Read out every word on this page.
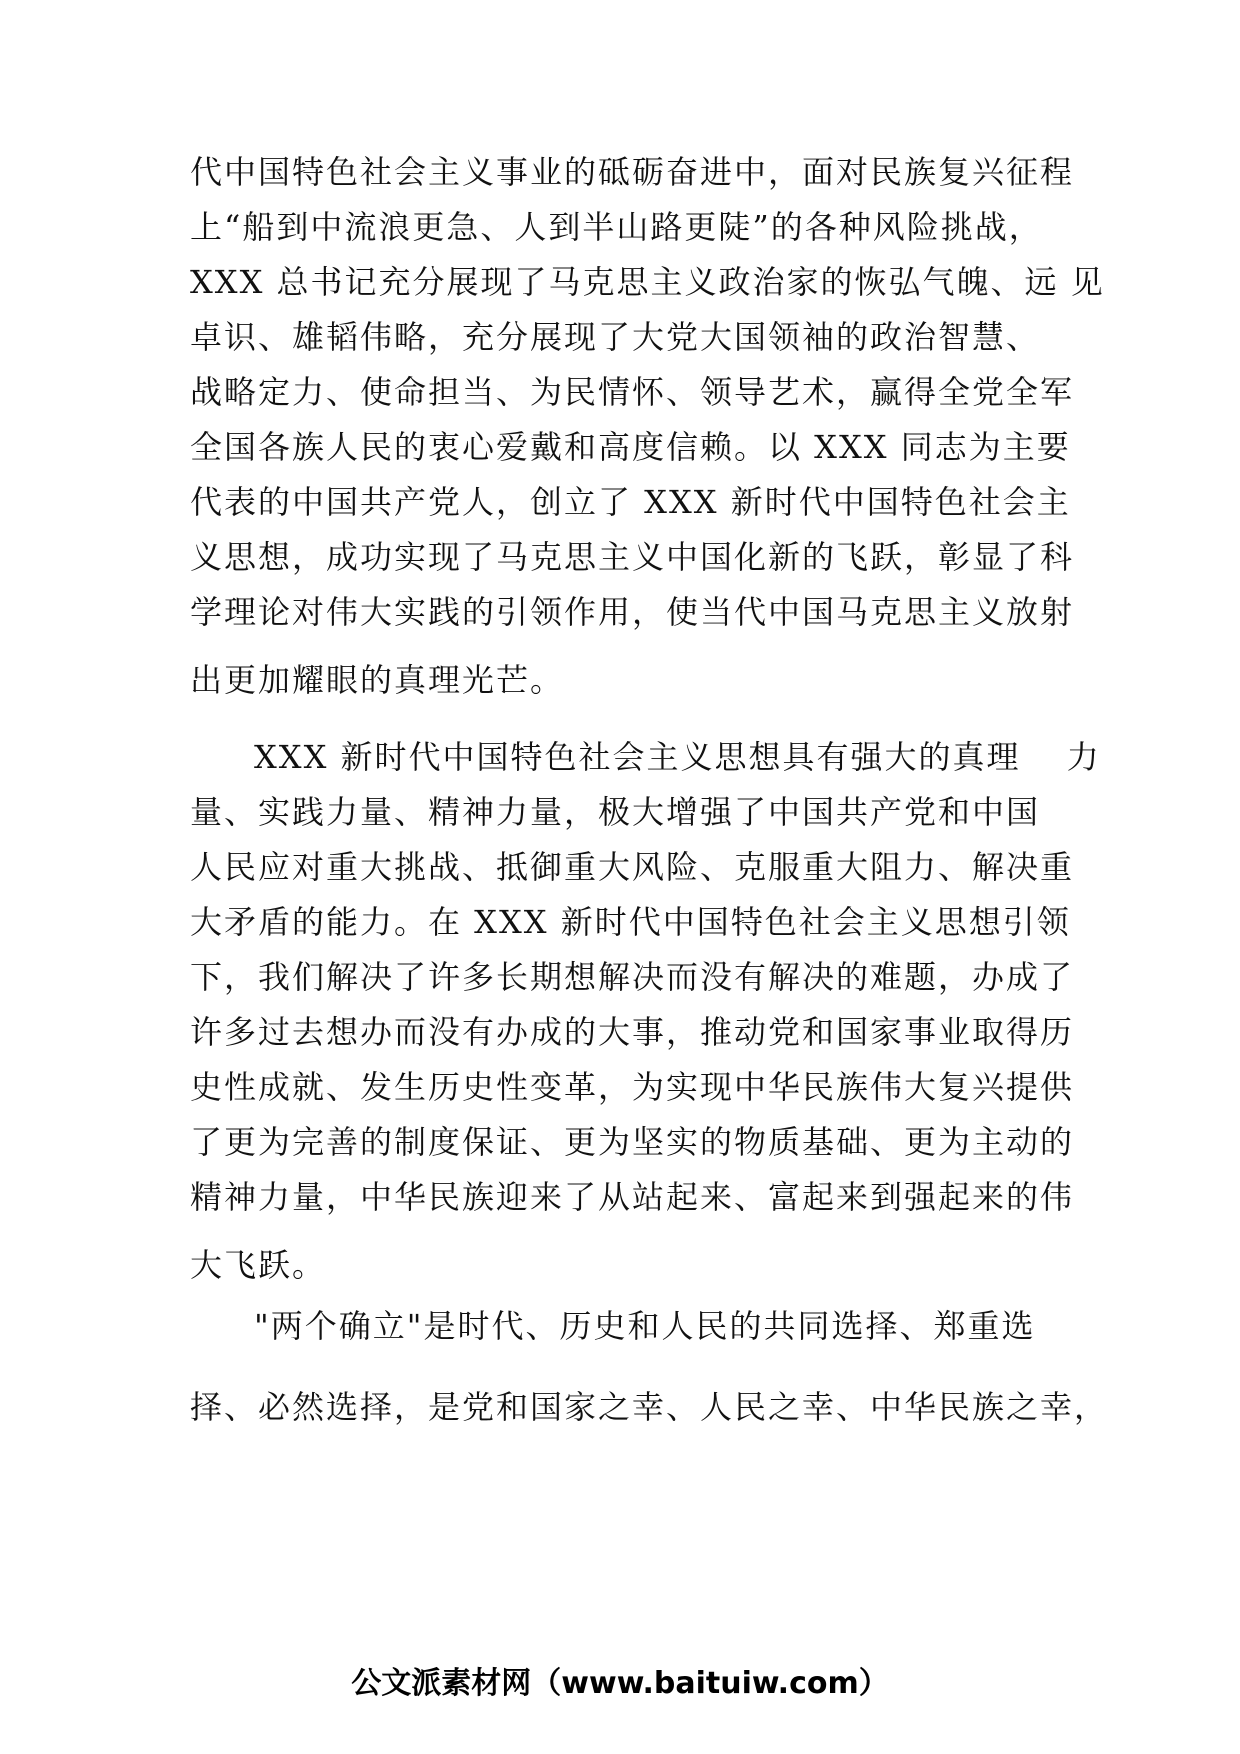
代中国特色社会主义事业的砥砺奋进中，面对民族复兴征程
上“船到中流浪更急、人到半山路更陡”的各种风险挑战，
XXX 总书记充分展现了马克思主义政治家的恢弘气魄、远 见
卓识、雄韬伟略，充分展现了大党大国领袖的政治智慧、
战略定力、使命担当、为民情怀、领导艺术，赢得全党全军
全国各族人民的衷心爱戴和高度信赖。以 XXX 同志为主要
代表的中国共产党人，创立了 XXX 新时代中国特色社会主
义思想，成功实现了马克思主义中国化新的飞跃，彰显了科
学理论对伟大实践的引领作用，使当代中国马克思主义放射
出更加耀眼的真理光芒。
XXX 新时代中国特色社会主义思想具有强大的真理　 力
量、实践力量、精神力量，极大增强了中国共产党和中国
人民应对重大挑战、抵御重大风险、克服重大阻力、解决重
大矛盾的能力。在 XXX 新时代中国特色社会主义思想引领
下，我们解决了许多长期想解决而没有解决的难题，办成了
许多过去想办而没有办成的大事，推动党和国家事业取得历
史性成就、发生历史性变革，为实现中华民族伟大复兴提供
了更为完善的制度保证、更为坚实的物质基础、更为主动的
精神力量，中华民族迎来了从站起来、富起来到强起来的伟
大飞跃。
"两个确立"是时代、历史和人民的共同选择、郑重选
择、必然选择，是党和国家之幸、人民之幸、中华民族之幸，
公文派素材网（www.baituiw.com）
